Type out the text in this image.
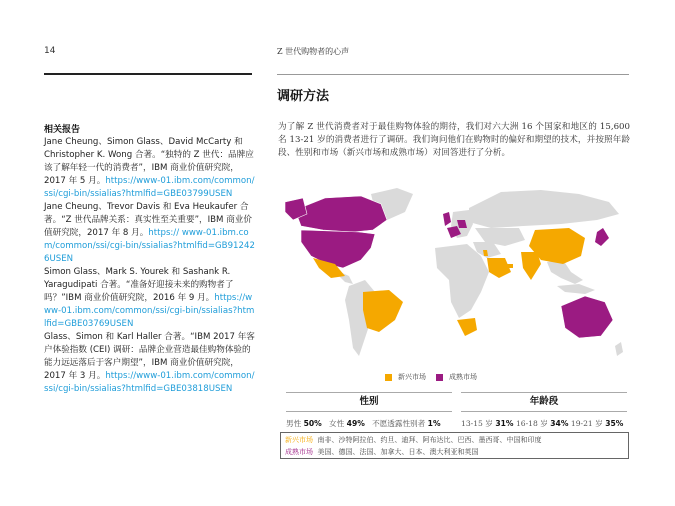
14	Z 世代购物者的心声
调研方法
相关报告

Jane Cheung、Simon Glass、David McCarty 和 Christopher K. Wong 合著。“独特的 Z 世代：品牌应该了解年轻一代的消费者”，IBM 商业价值研究院，2017 年 5 月。https://www-01.ibm.com/common/ssi/cgi-bin/ssialias?htmlfid=GBE03799USEN

Jane Cheung、Trevor Davis 和 Eva Heukaufer 合著。“Z 世代品牌关系：真实性至关重要”，IBM 商业价值研究院，2017 年 8 月。https:// www-01.ibm.com/common/ssi/cgi-bin/ssialias?htmlfid=GB912426USEN

Simon Glass、Mark S. Yourek 和 Sashank R. Yaragudipati 合著。“准备好迎接未来的购物者了吗？”IBM 商业价值研究院，2016 年 9 月。https://www-01.ibm.com/common/ssi/cgi-bin/ssialias?htmlfid=GBE03769USEN

Glass、Simon 和 Karl Haller 合著。“IBM 2017 年客户体验指数 (CEI) 调研：品牌企业营造最佳购物体验的能力远远落后于客户期望”，IBM 商业价值研究院，2017 年 3 月。https://www-01.ibm.com/common/ssi/cgi-bin/ssialias?htmlfid=GBE03818USEN

为了解 Z 世代消费者对于最佳购物体验的期待，我们对六大洲 16 个国家和地区的 15,600 名 13-21 岁的消费者进行了调研。我们询问他们在购物时的偏好和期望的技术，并按照年龄段、性别和市场（新兴市场和成熟市场）对回答进行了分析。
新兴市场	成熟市场
性别	年龄段
男性 50% 女性 49% 不愿透露性别者 1%	13-15 岁 31% 16-18 岁 34% 19-21 岁 35%
新兴市场 南非、沙特阿拉伯、约旦、迪拜、阿布达比、巴西、墨西哥、中国和印度
成熟市场 美国、德国、法国、加拿大、日本、澳大利亚和英国
